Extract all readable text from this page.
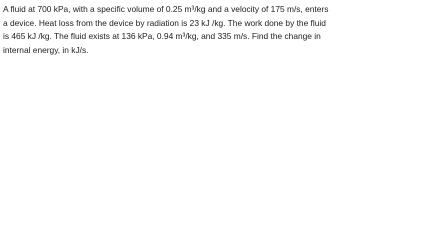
A fluid at 700 kPa, with a specific volume of 0.25 m³/kg and a velocity of 175 m/s, enters
a device. Heat loss from the device by radiation is 23 kJ /kg. The work done by the fluid
is 465 kJ /kg. The fluid exists at 136 kPa, 0.94 m³/kg, and 335 m/s. Find the change in
internal energy, in kJ/s.
